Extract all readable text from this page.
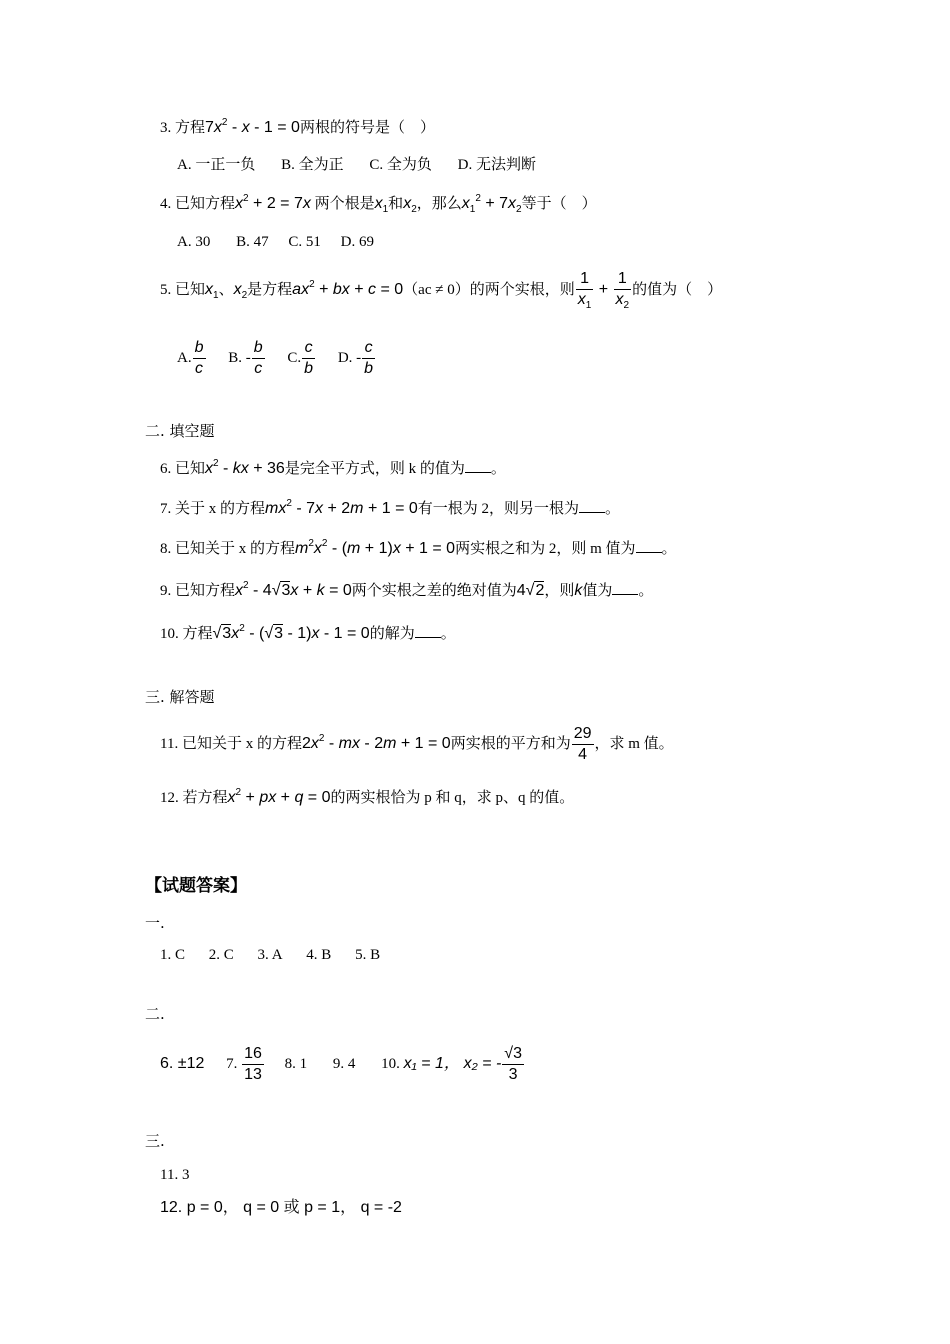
3. 方程$7x^2 - x - 1 = 0$两根的符号是（　）
A. 一正一负 B. 全为正 C. 全为负 D. 无法判断
4. 已知方程$x^2 + 2 = 7x$ 两个根是$x_1$和$x_2$，那么$x_1^2 + 7x_2$等于（　）
A. 30 B. 47 C. 51 D. 69
5. 已知$x_1$、$x_2$是方程$ax^2$ + bx + c = 0（ac ≠ 0）的两个实根，则 $\frac{1}{x_1} + \frac{1}{x_2}$ 的值为（　）
A. $\frac{b}{c} B$. - $\frac{b}{c} C$. $\frac{c}{b} D$. - $\frac{c}{b}$
二. 填空题
6. 已知$x^2$ - kx + 36是完全平方式，则 k 的值为 。
7. 关于 x 的方程$mx^2 - 7x + 2m + 1 = 0$有一根为 2，则另一根为 。
8. 已知关于 x 的方程$m^2x^2 - (m + 1)x + 1 = 0$两实根之和为 2，则 m 值为 。
9. 已知方程$x^2 - 4√3x + k = 0$两个实根之差的绝对值为4√2，则k值为 。
10. 方程$√3x^2 - (√3 - 1)x - 1 = 0$的解为 。
三. 解答题
11. 已知关于 x 的方程$2x^2$ - mx - 2m + 1 = 0两实根的平方和为 $\frac{29}{4}$ ，求 m 值。
12. 若方程$x^2$ + px + q = 0的两实根恰为 p 和 q，求 p、q 的值。
【试题答案】
一.
1. C 2. C 3. A 4. B 5. B
二.
6. ±12 7. $\frac{16}{13} 8$. 1 9. 4 10. x₁ = 1， x₂ = - $\frac{√3}{3}$
三.
11. 3
12. p = 0， q = 0 或 p = 1， q = -2
